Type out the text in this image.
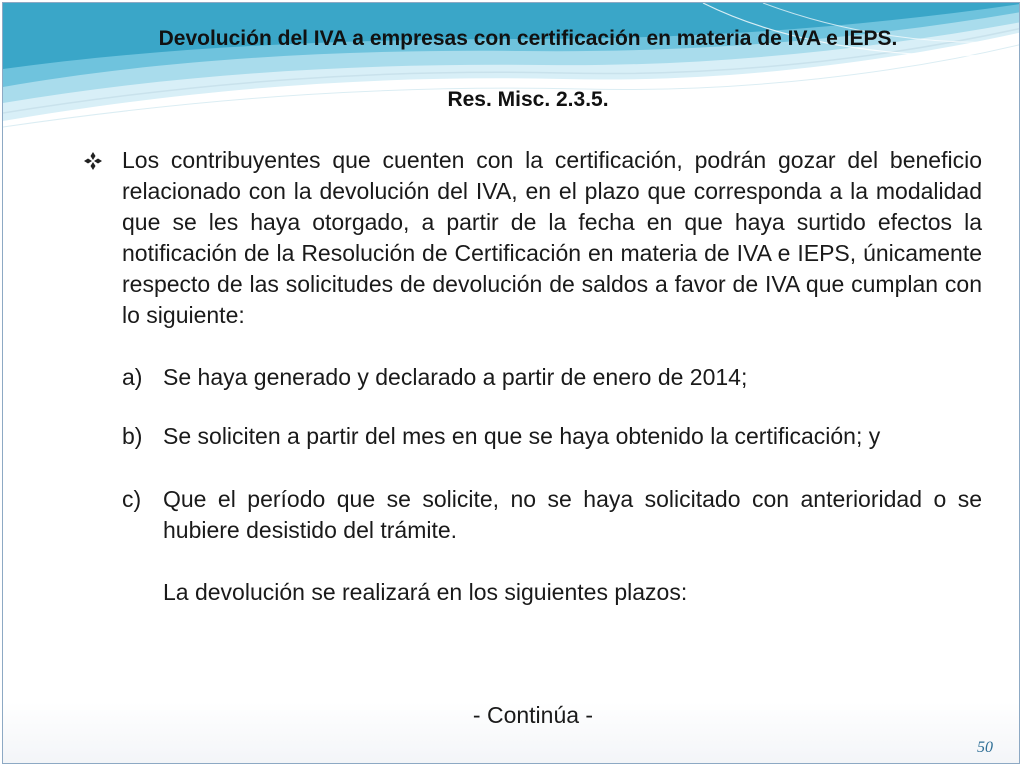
Devolución del IVA a empresas con certificación en materia de IVA e IEPS.
Res. Misc. 2.3.5.
Los contribuyentes que cuenten con la certificación, podrán gozar del beneficio relacionado con la devolución del IVA, en el plazo que corresponda a la modalidad que se les haya otorgado, a partir de la fecha en que haya surtido efectos la notificación de la Resolución de Certificación en materia de IVA e IEPS, únicamente respecto de las solicitudes de devolución de saldos a favor de IVA que cumplan con lo siguiente:
a) Se haya generado y declarado a partir de enero de 2014;
b) Se soliciten a partir del mes en que se haya obtenido la certificación; y
c) Que el período que se solicite, no se haya solicitado con anterioridad o se hubiere desistido del trámite.
La devolución se realizará en los siguientes plazos:
- Continúa -
50
